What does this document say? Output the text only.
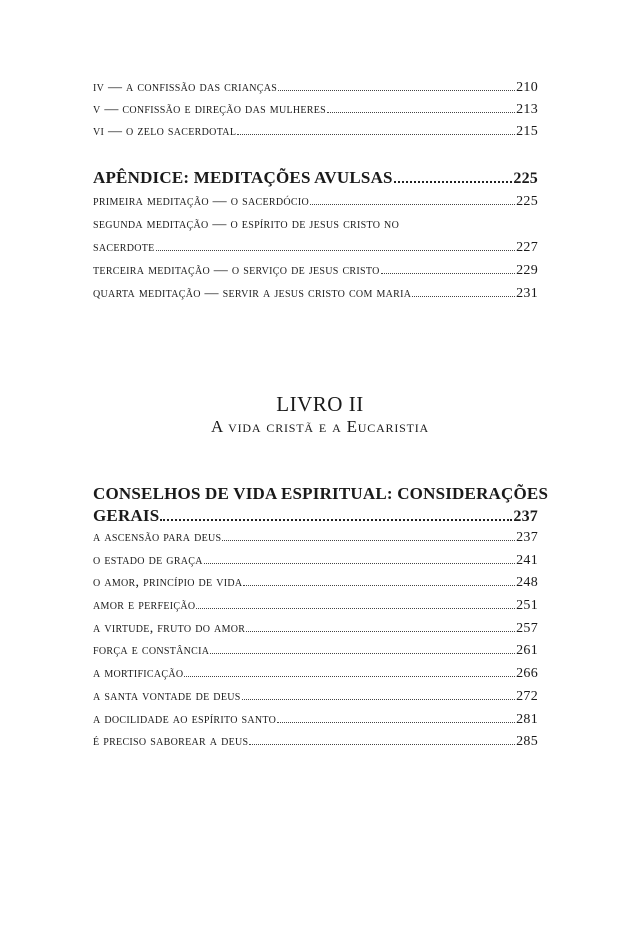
iv — a confissão das crianças	210
v — confissão e direção das mulheres	213
vi — o zelo sacerdotal	215
APÊNDICE: MEDITAÇÕES AVULSAS	225
primeira meditação — o sacerdócio	225
segunda meditação — o espírito de jesus cristo no
sacerdote	227
terceira meditação — o serviço de jesus cristo	229
quarta meditação — servir a jesus cristo com maria	231
LIVRO II
A vida cristã e a Eucaristia
CONSELHOS DE VIDA ESPIRITUAL: CONSIDERAÇÕES
GERAIS	237
a ascensão para deus	237
o estado de graça	241
o amor, princípio de vida	248
amor e perfeição	251
a virtude, fruto do amor	257
força e constância	261
a mortificação	266
a santa vontade de deus	272
a docilidade ao espírito santo	281
é preciso saborear a deus	285
